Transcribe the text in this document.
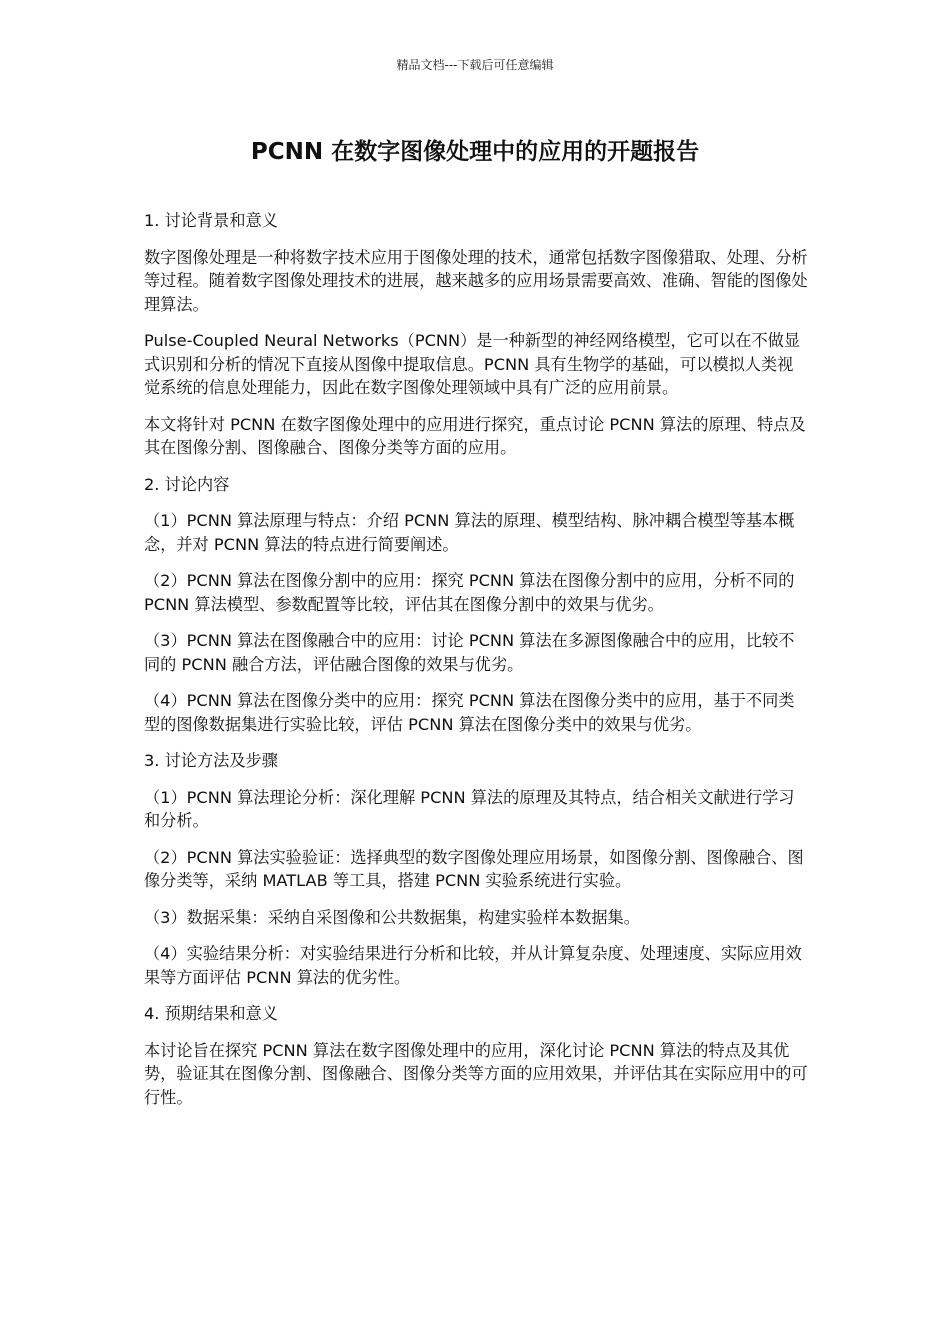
精品文档---下载后可任意编辑
PCNN 在数字图像处理中的应用的开题报告

1. 讨论背景和意义

数字图像处理是一种将数字技术应用于图像处理的技术，通常包括数字图像猎取、处理、分析等过程。随着数字图像处理技术的进展，越来越多的应用场景需要高效、准确、智能的图像处理算法。

Pulse-Coupled Neural Networks（PCNN）是一种新型的神经网络模型，它可以在不做显式识别和分析的情况下直接从图像中提取信息。PCNN 具有生物学的基础，可以模拟人类视觉系统的信息处理能力，因此在数字图像处理领域中具有广泛的应用前景。

本文将针对 PCNN 在数字图像处理中的应用进行探究，重点讨论 PCNN 算法的原理、特点及其在图像分割、图像融合、图像分类等方面的应用。

2. 讨论内容

（1）PCNN 算法原理与特点：介绍 PCNN 算法的原理、模型结构、脉冲耦合模型等基本概念，并对 PCNN 算法的特点进行简要阐述。

（2）PCNN 算法在图像分割中的应用：探究 PCNN 算法在图像分割中的应用，分析不同的 PCNN 算法模型、参数配置等比较，评估其在图像分割中的效果与优劣。

（3）PCNN 算法在图像融合中的应用：讨论 PCNN 算法在多源图像融合中的应用，比较不同的 PCNN 融合方法，评估融合图像的效果与优劣。

（4）PCNN 算法在图像分类中的应用：探究 PCNN 算法在图像分类中的应用，基于不同类型的图像数据集进行实验比较，评估 PCNN 算法在图像分类中的效果与优劣。

3. 讨论方法及步骤

（1）PCNN 算法理论分析：深化理解 PCNN 算法的原理及其特点，结合相关文献进行学习和分析。

（2）PCNN 算法实验验证：选择典型的数字图像处理应用场景，如图像分割、图像融合、图像分类等，采纳 MATLAB 等工具，搭建 PCNN 实验系统进行实验。

（3）数据采集：采纳自采图像和公共数据集，构建实验样本数据集。

（4）实验结果分析：对实验结果进行分析和比较，并从计算复杂度、处理速度、实际应用效果等方面评估 PCNN 算法的优劣性。

4. 预期结果和意义

本讨论旨在探究 PCNN 算法在数字图像处理中的应用，深化讨论 PCNN 算法的特点及其优势，验证其在图像分割、图像融合、图像分类等方面的应用效果，并评估其在实际应用中的可行性。
